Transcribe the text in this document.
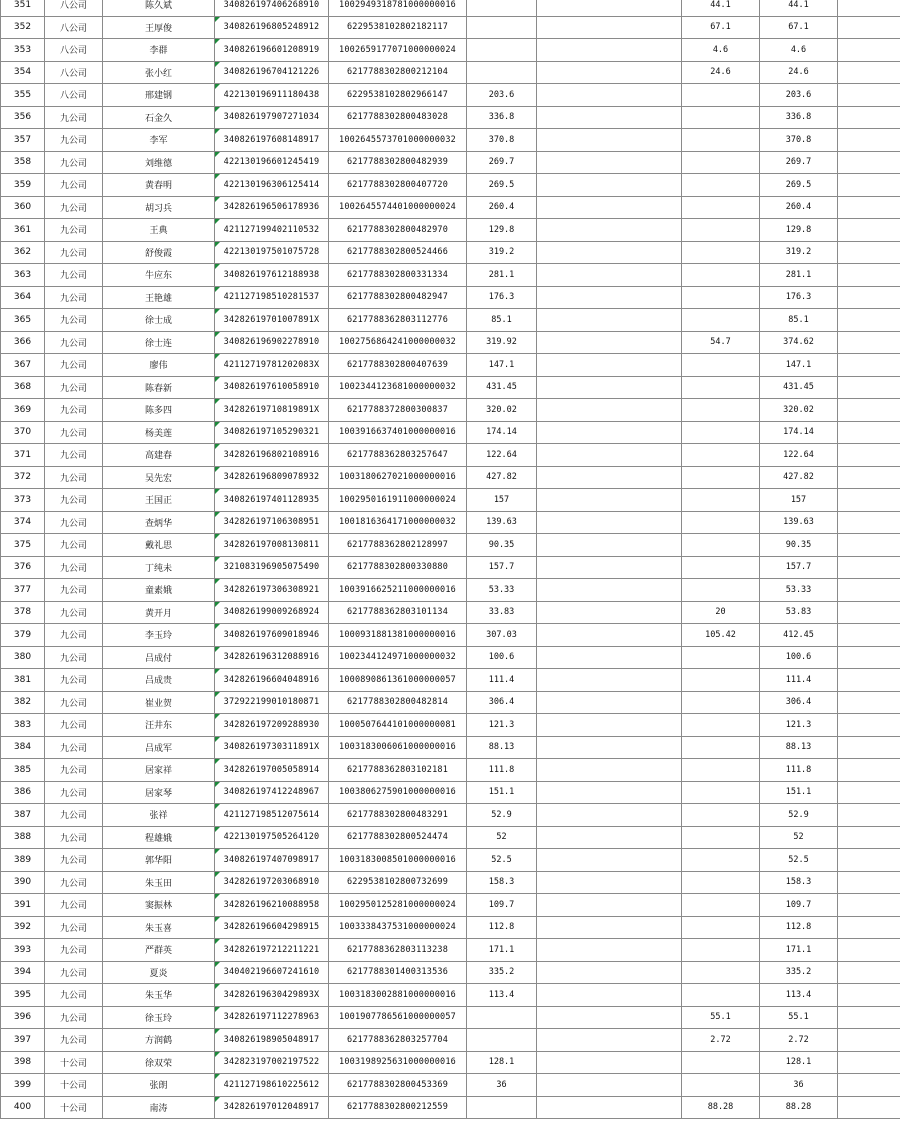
351	八公司	陈久斌	340826197406268910	1002949318781000000016			44.1	44.1	
352	八公司	王厚俊	340826196805248912	6229538102802182117			67.1	67.1	
353	八公司	李群	340826196601208919	1002659177071000000024			4.6	4.6	
354	八公司	张小红	340826196704121226	6217788302800212104			24.6	24.6	
355	八公司	邢建钢	422130196911180438	6229538102802966147	203.6			203.6	
356	九公司	石金久	340826197907271034	6217788302800483028	336.8			336.8	
357	九公司	李军	340826197608148917	1002645573701000000032	370.8			370.8	
358	九公司	刘维德	422130196601245419	6217788302800482939	269.7			269.7	
359	九公司	黄春明	422130196306125414	6217788302800407720	269.5			269.5	
360	九公司	胡习兵	342826196506178936	1002645574401000000024	260.4			260.4	
361	九公司	王典	421127199402110532	6217788302800482970	129.8			129.8	
362	九公司	舒俊霞	422130197501075728	6217788302800524466	319.2			319.2	
363	九公司	牛应东	340826197612188938	6217788302800331334	281.1			281.1	
364	九公司	王艳雄	421127198510281537	6217788302800482947	176.3			176.3	
365	九公司	徐士成	34282619701007891X	6217788362803112776	85.1			85.1	
366	九公司	徐士连	340826196902278910	1002756864241000000032	319.92		54.7	374.62	
367	九公司	廖伟	42112719781202083X	6217788302800407639	147.1			147.1	
368	九公司	陈春新	340826197610058910	1002344123681000000032	431.45			431.45	
369	九公司	陈多四	34282619710819891X	6217788372800300837	320.02			320.02	
370	九公司	杨美莲	340826197105290321	1003916637401000000016	174.14			174.14	
371	九公司	高建春	342826196802108916	6217788362803257647	122.64			122.64	
372	九公司	吴先宏	342826196809078932	1003180627021000000016	427.82			427.82	
373	九公司	王国正	340826197401128935	1002950161911000000024	157			157	
374	九公司	查炳华	342826197106308951	1001816364171000000032	139.63			139.63	
375	九公司	戴礼思	342826197008130811	6217788362802128997	90.35			90.35	
376	九公司	丁纯未	321083196905075490	6217788302800330880	157.7			157.7	
377	九公司	童素娥	342826197306308921	1003916625211000000016	53.33			53.33	
378	九公司	黄开月	340826199009268924	6217788362803101134	33.83		20	53.83	
379	九公司	李玉玲	340826197609018946	1000931881381000000016	307.03		105.42	412.45	
380	九公司	吕成付	342826196312088916	1002344124971000000032	100.6			100.6	
381	九公司	吕成贵	342826196604048916	1000890861361000000057	111.4			111.4	
382	九公司	崔业贺	372922199010180871	6217788302800482814	306.4			306.4	
383	九公司	汪井东	342826197209288930	1000507644101000000081	121.3			121.3	
384	九公司	吕成军	34082619730311891X	1003183006061000000016	88.13			88.13	
385	九公司	居家祥	342826197005058914	6217788362803102181	111.8			111.8	
386	九公司	居家琴	340826197412248967	1003806275901000000016	151.1			151.1	
387	九公司	张祥	421127198512075614	6217788302800483291	52.9			52.9	
388	九公司	程雄娥	422130197505264120	6217788302800524474	52			52	
389	九公司	郭华阳	340826197407098917	1003183008501000000016	52.5			52.5	
390	九公司	朱玉田	342826197203068910	6229538102800732699	158.3			158.3	
391	九公司	窦振林	342826196210088958	1002950125281000000024	109.7			109.7	
392	九公司	朱玉喜	342826196604298915	1003338437531000000024	112.8			112.8	
393	九公司	严群英	342826197212211221	6217788362803113238	171.1			171.1	
394	九公司	夏炎	340402196607241610	6217788301400313536	335.2			335.2	
395	九公司	朱玉华	34282619630429893X	1003183002881000000016	113.4			113.4	
396	九公司	徐玉玲	342826197112278963	1001907786561000000057			55.1	55.1	
397	九公司	方润鹤	340826198905048917	6217788362803257704			2.72	2.72	
398	十公司	徐双荣	342823197002197522	1003198925631000000016	128.1			128.1	
399	十公司	张朗	421127198610225612	6217788302800453369	36			36	
400	十公司	南涛	342826197012048917	6217788302800212559			88.28	88.28	
